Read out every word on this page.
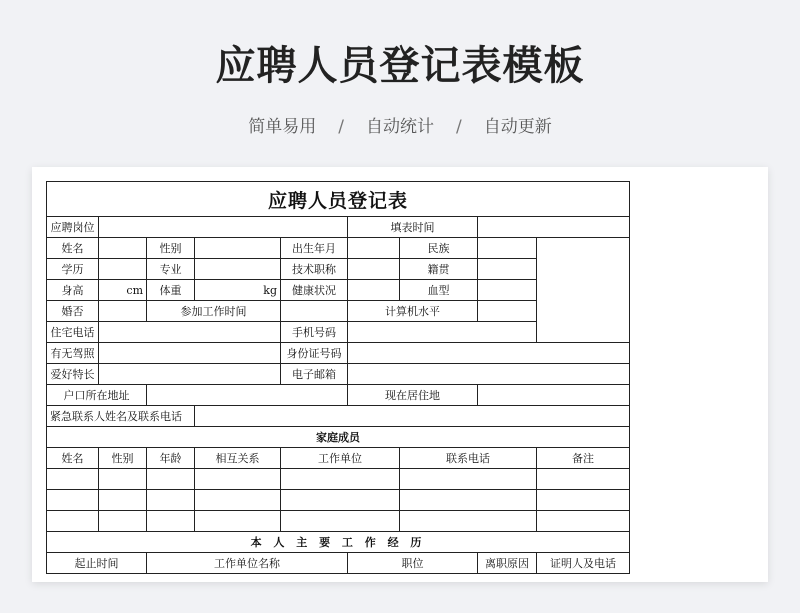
应聘人员登记表模板
简单易用 / 自动统计 / 自动更新
应聘人员登记表								
应聘岗位					填表时间			
姓名		性别		出生年月		民族		
学历		专业		技术职称		籍贯		
身高	cm	体重	kg	健康状况		血型		
婚否		参加工作时间			计算机水平			
住宅电话				手机号码				
有无驾照				身份证号码				
爱好特长				电子邮箱				
户口所在地址					现在居住地			
紧急联系人姓名及联系电话								
家庭成员								
姓名	性别	年龄	相互关系	工作单位		联系电话		备注

本 人 主 要 工 作 经 历								
起止时间		工作单位名称			职位		离职原因	证明人及电话
